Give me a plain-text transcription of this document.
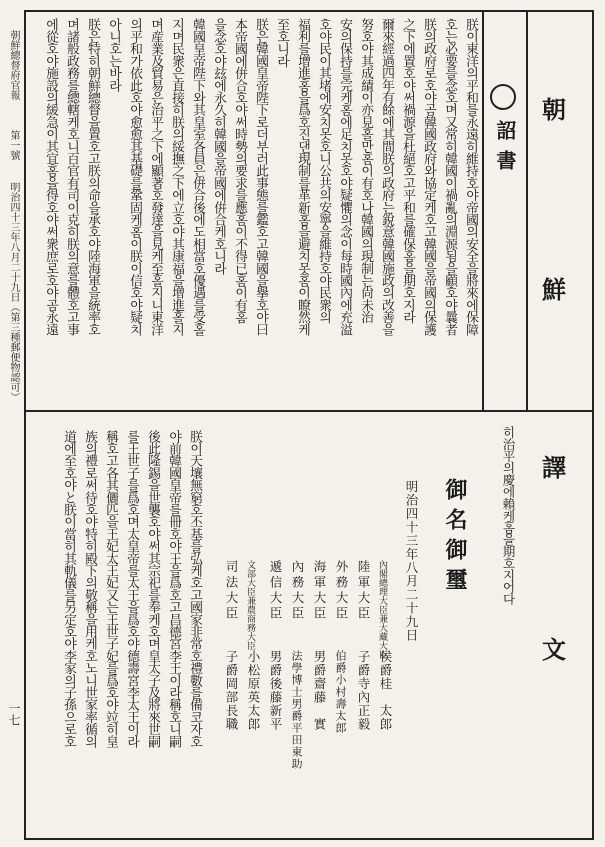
朝鮮總督府官報
第一號
明治四十三年八月二十九日（第三種郵便物認可）
一七
朝
鮮
譯
文
詔書
朕이東洋의平和를永遠히維持호야帝國의安全을將來에保障
호는必要를念호며又常히韓國이禍亂의淵源됨을顧호야曩者
朕의政府로호야곰韓國政府와協定케호고韓國을帝國의保護
之下에置호야써禍源을杜絕호고平和를確保홈을期호지라
爾來經過四年有餘에其間朕의政府는銳意韓國施政의改善을
努호야其成績이亦見홀만홈이有호나韓國의現制는尙未治
安의保持를完케홈에足치못호야疑懼의念이每時國內에充溢
호야民이其堵에安치못호니公共의安寧을維持호야民衆의
福利를增進홈을爲호진댄現制를革新홈을避치못홈이瞭然케
至호니라
朕은韓國皇帝陛下로더부러此事態를鑑호고韓國을擧호야曰
本帝國에倂合호야써時勢의要求를應홈이不得已홈이有홈
을念호야玆에永久히韓國을帝國에倂合케호니라
韓國皇帝陛下와其皇室各員은倂合後에도相當호優遇를受홀
지며民衆은直接히朕의綏撫之下에立호야其康福을增進홀지
며産業及貿易은治平之下에顯著호發達을見케至홀지니東洋
의平和가依此호야愈愈其基礎를鞏固케홈이朕이信호야疑치
아니호는바라
朕은特히朝鮮總督을置호고朕의命을承호야陸海軍을統率호
며諸般政務를總轄케호니百官有司이克히朕의意를體호고事
에從호야施設의緩急이其宜홈을得호야써衆庶로호야곰永遠
히治平의慶에賴케홈을期호지어다
御名御璽
明治四十三年八月二十九日
內閣總理大臣兼大藏大臣
侯爵桂　太郎
陸軍大臣
子爵寺內正毅
外務大臣
伯爵小村壽太郎
海軍大臣
男爵齋藤　實
內務大臣
法學博士男爵平田東助
遞信大臣
男爵後藤新平
文部大臣兼農商務大臣
小松原英太郎
司法大臣
子爵岡部長職
朕이天壤無窮호丕基를弘케호고國家非常호禮數를備코자호
야前韓國皇帝를冊호야王을爲호고昌德宮李王이라稱호니嗣
後此隆錫을世襲호야써其宗祀를奉케호며皇太子及將來世嗣
를王世子를爲호며太皇帝를太王을爲호야德壽宮李太王이라
稱호고各其儷匹을王妃太王妃又는王世子妃를爲호야竝히皇
族의禮로써待호야特히殿下의敬稱을用케호노니世家率循의
道에至호야と朕이當히其軌儀를另定호야李家의子孫으로호
